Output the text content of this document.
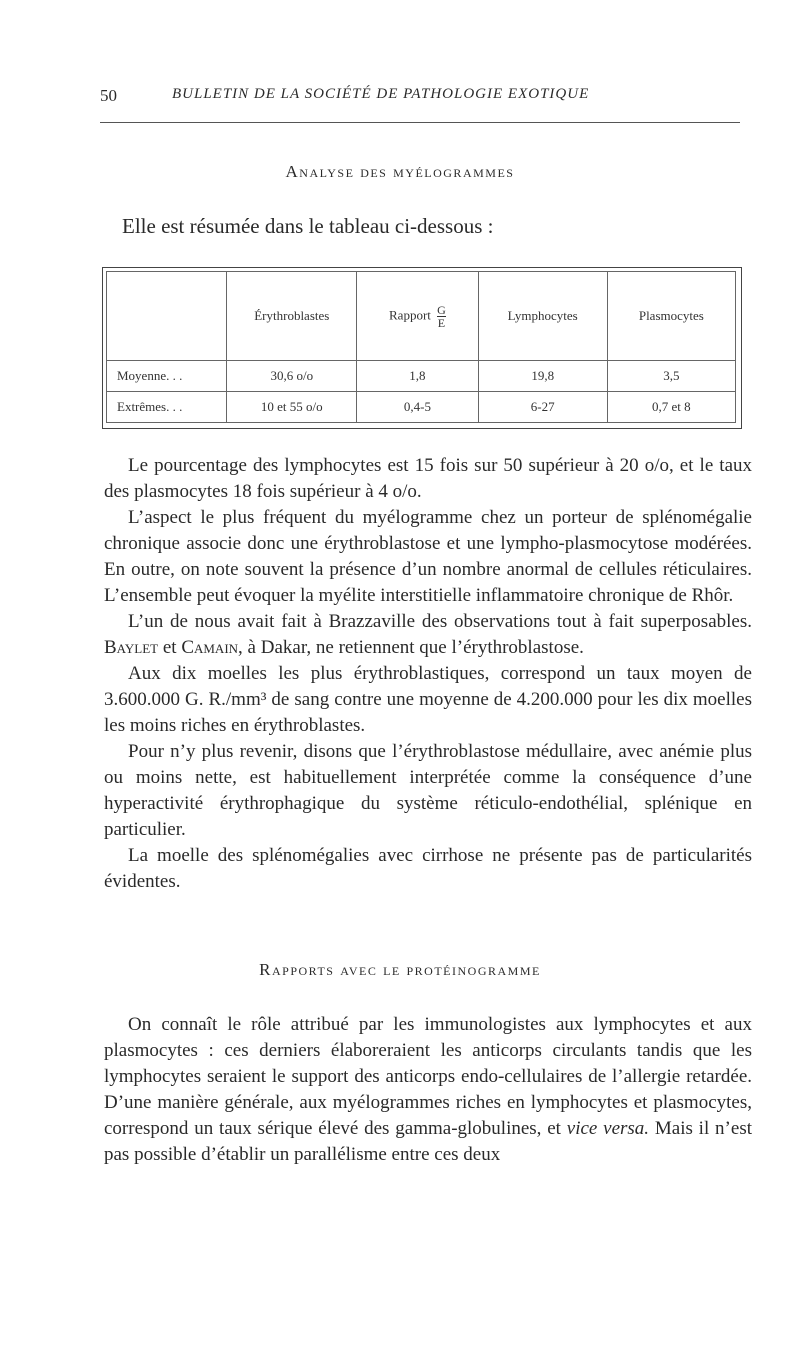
50	BULLETIN DE LA SOCIÉTÉ DE PATHOLOGIE EXOTIQUE
Analyse des myélogrammes
Elle est résumée dans le tableau ci-dessous :
	Érythroblastes	Rapport $\frac{G}{E}$	Lymphocytes	Plasmocytes
Moyenne. . .	30,6 o/o	1,8	19,8	3,5
Extrêmes. . .	10 et 55 o/o	0,4-5	6-27	0,7 et 8

Le pourcentage des lymphocytes est 15 fois sur 50 supérieur à 20 o/o, et le taux des plasmocytes 18 fois supérieur à 4 o/o.

L’aspect le plus fréquent du myélogramme chez un porteur de splénomégalie chronique associe donc une érythroblastose et une lympho-plasmocytose modérées. En outre, on note souvent la présence d’un nombre anormal de cellules réticulaires. L’ensemble peut évoquer la myélite interstitielle inflammatoire chronique de Rhôr.

L’un de nous avait fait à Brazzaville des observations tout à fait superposables. Baylet et Camain, à Dakar, ne retiennent que l’érythroblastose.

Aux dix moelles les plus érythroblastiques, correspond un taux moyen de 3.600.000 G. R./mm³ de sang contre une moyenne de 4.200.000 pour les dix moelles les moins riches en érythroblastes.

Pour n’y plus revenir, disons que l’érythroblastose médullaire, avec anémie plus ou moins nette, est habituellement interprétée comme la conséquence d’une hyperactivité érythrophagique du système réticulo-endothélial, splénique en particulier.

La moelle des splénomégalies avec cirrhose ne présente pas de particularités évidentes.

Rapports avec le protéinogramme

On connaît le rôle attribué par les immunologistes aux lymphocytes et aux plasmocytes : ces derniers élaboreraient les anticorps circulants tandis que les lymphocytes seraient le support des anticorps endo-cellulaires de l’allergie retardée. D’une manière générale, aux myélogrammes riches en lymphocytes et plasmocytes, correspond un taux sérique élevé des gamma-globulines, et vice versa. Mais il n’est pas possible d’établir un parallélisme entre ces deux
